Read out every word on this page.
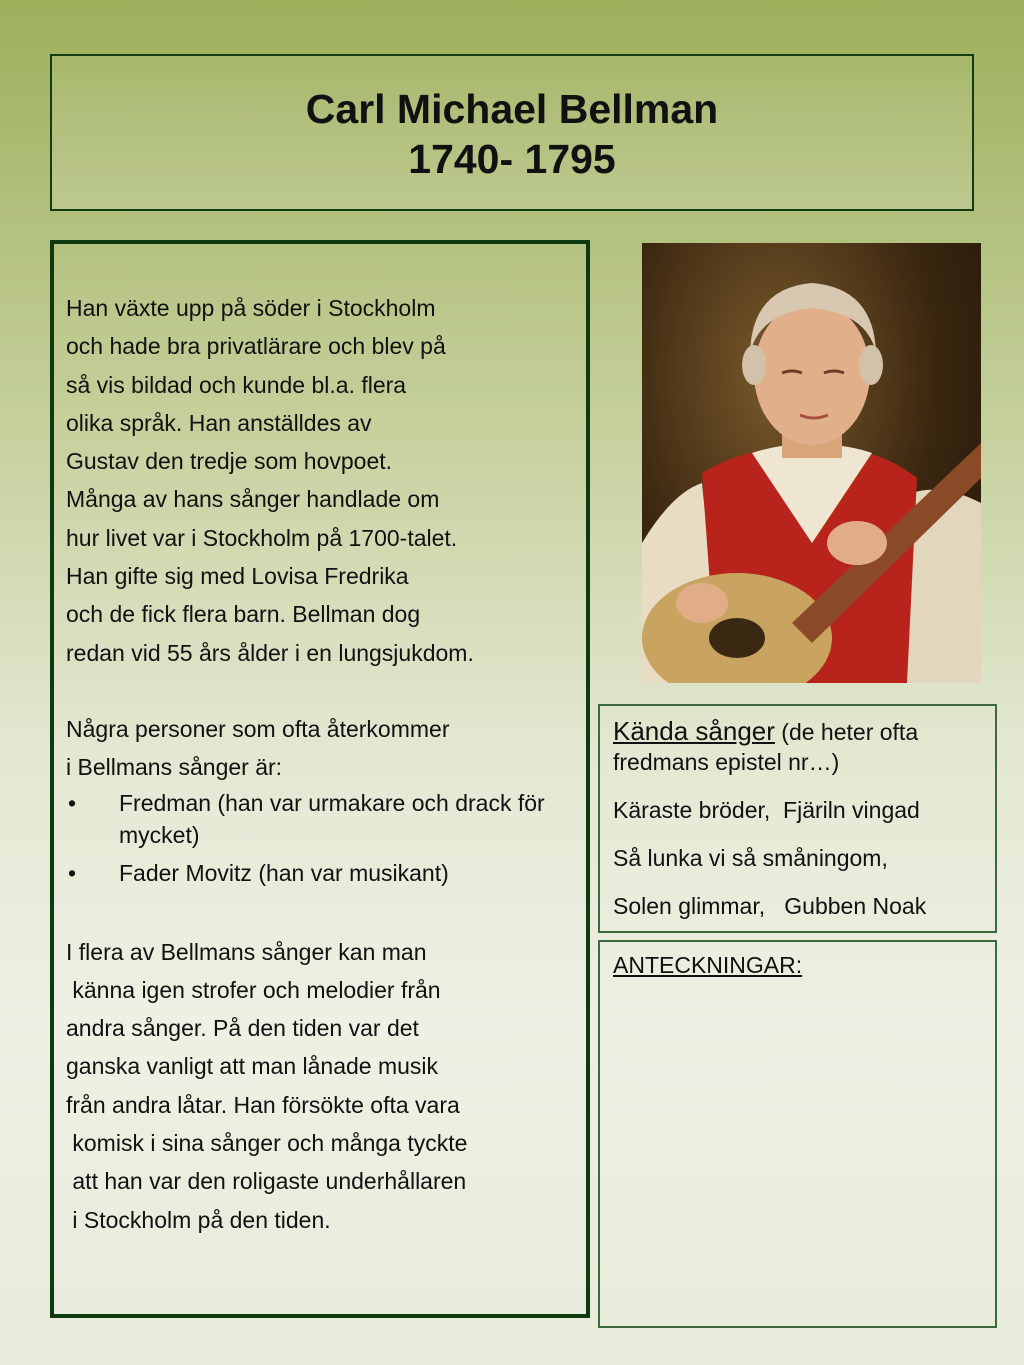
Carl Michael Bellman
1740- 1795
Han växte upp på söder i Stockholm
och hade bra privatlärare och blev på
så vis bildad och kunde bl.a. flera
olika språk. Han anställdes av
Gustav den tredje som hovpoet.
Många av hans sånger handlade om
hur livet var i Stockholm på 1700-talet.
Han gifte sig med Lovisa Fredrika
och de fick flera barn. Bellman dog
redan vid 55 års ålder i en lungsjukdom.
Några personer som ofta återkommer
i Bellmans sånger är:
•	Fredman (han var urmakare och drack för mycket)
•	Fader Movitz (han var musikant)
I flera av Bellmans sånger kan man
känna igen strofer och melodier från
andra sånger. På den tiden var det
ganska vanligt att man lånade musik
från andra låtar. Han försökte ofta vara
komisk i sina sånger och många tyckte
att han var den roligaste underhållaren
i Stockholm på den tiden.
Kända sånger (de heter ofta fredmans epistel nr…)
Käraste bröder,  Fjäriln vingad
Så lunka vi så småningom,
Solen glimmar,   Gubben Noak
ANTECKNINGAR:
